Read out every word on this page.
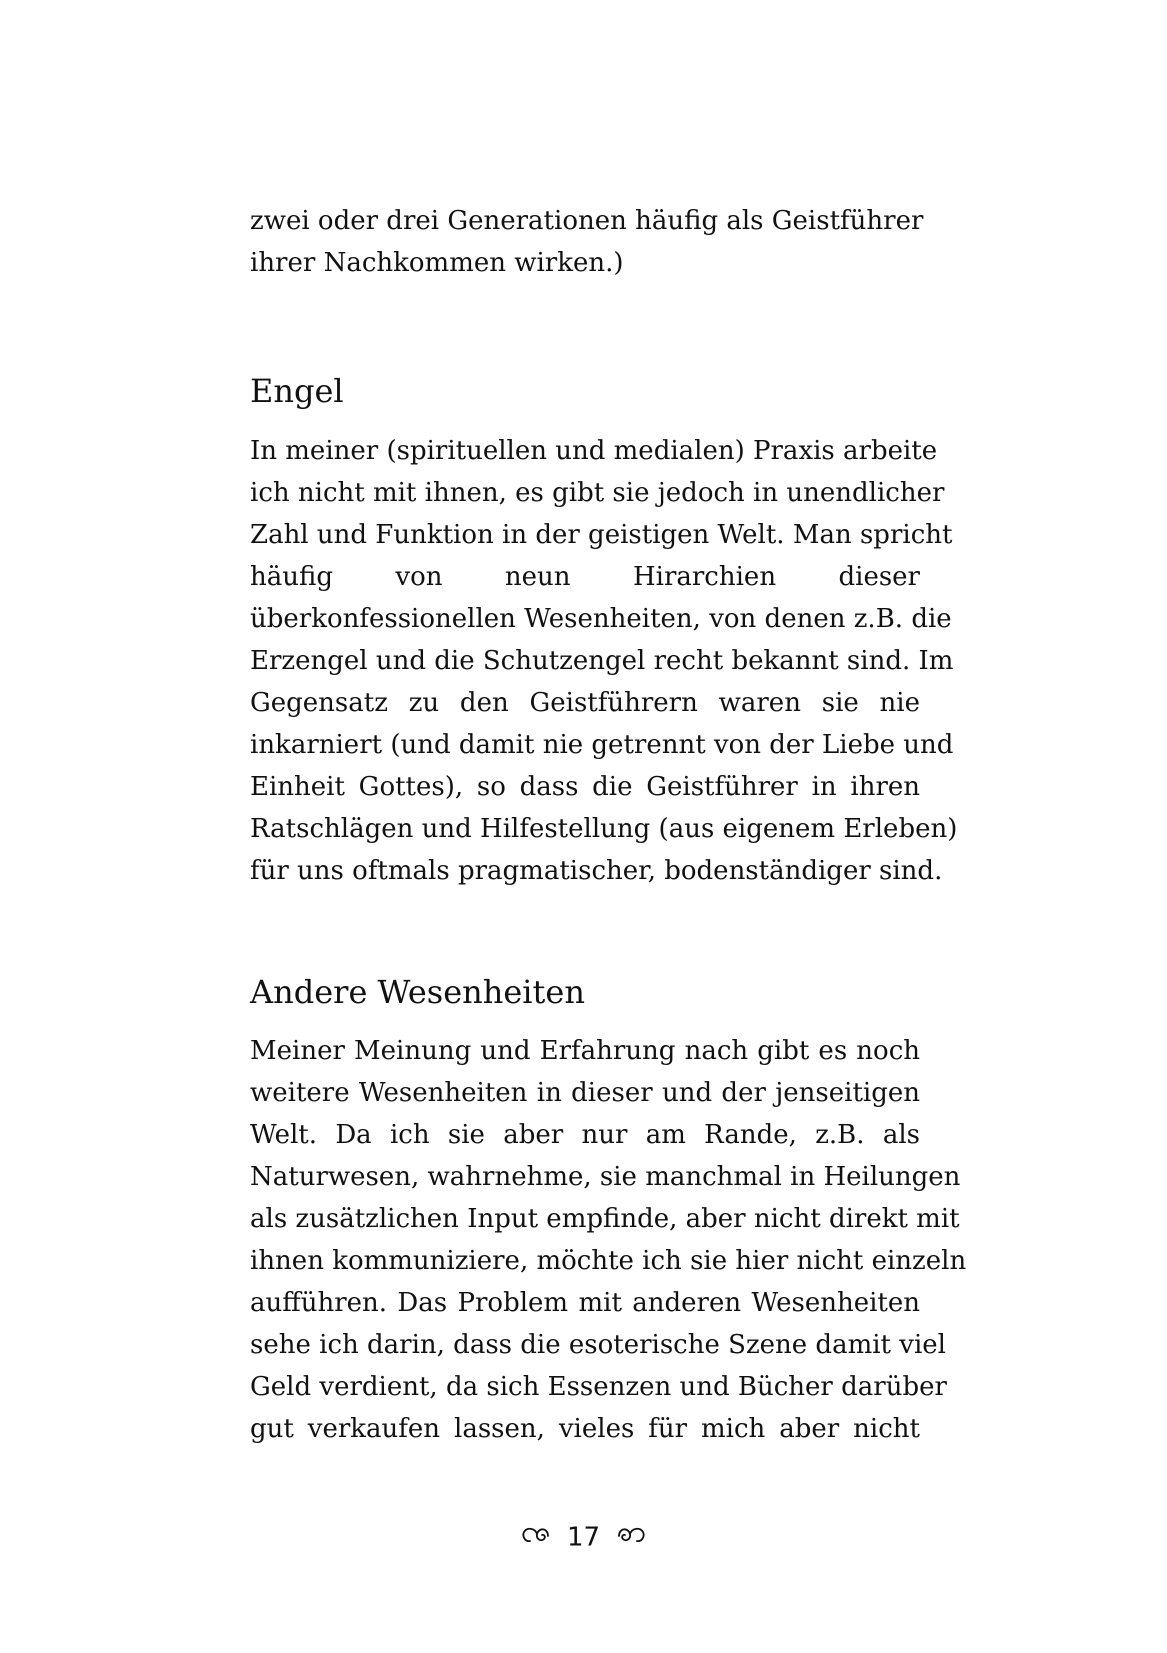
zwei oder drei Generationen häufig als Geistführer
ihrer Nachkommen wirken.)
Engel
In meiner (spirituellen und medialen) Praxis arbeite
ich nicht mit ihnen, es gibt sie jedoch in unendlicher
Zahl und Funktion in der geistigen Welt. Man spricht
häufig von neun Hirarchien dieser
überkonfessionellen Wesenheiten, von denen z.B. die
Erzengel und die Schutzengel recht bekannt sind. Im
Gegensatz zu den Geistführern waren sie nie
inkarniert (und damit nie getrennt von der Liebe und
Einheit Gottes), so dass die Geistführer in ihren
Ratschlägen und Hilfestellung (aus eigenem Erleben)
für uns oftmals pragmatischer, bodenständiger sind.
Andere Wesenheiten
Meiner Meinung und Erfahrung nach gibt es noch
weitere Wesenheiten in dieser und der jenseitigen
Welt. Da ich sie aber nur am Rande, z.B. als
Naturwesen, wahrnehme, sie manchmal in Heilungen
als zusätzlichen Input empfinde, aber nicht direkt mit
ihnen kommuniziere, möchte ich sie hier nicht einzeln
aufführen. Das Problem mit anderen Wesenheiten
sehe ich darin, dass die esoterische Szene damit viel
Geld verdient, da sich Essenzen und Bücher darüber
gut verkaufen lassen, vieles für mich aber nicht
17
